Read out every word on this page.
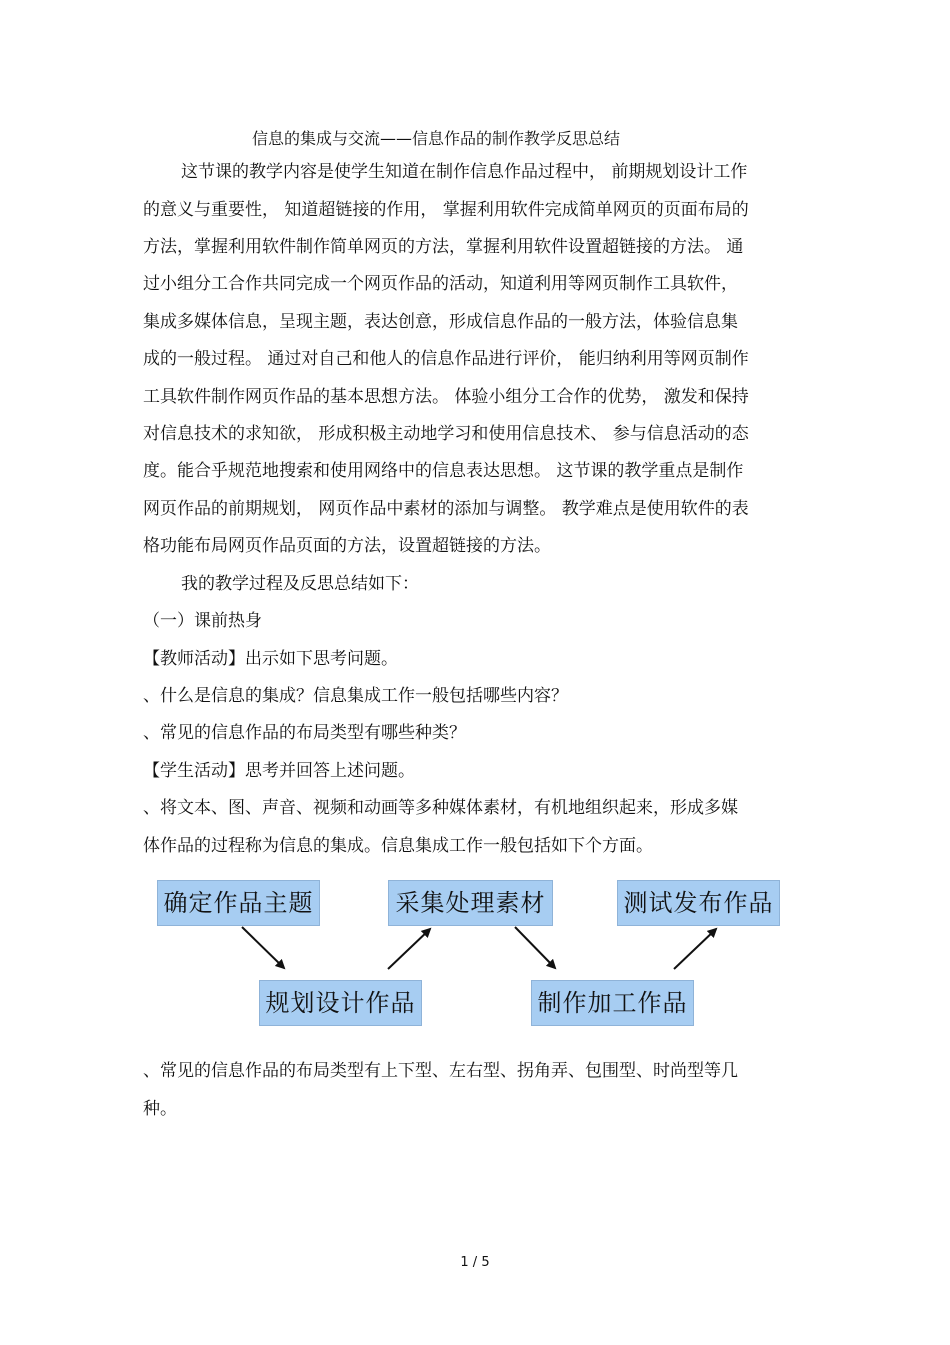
信息的集成与交流——信息作品的制作教学反思总结
这节课的教学内容是使学生知道在制作信息作品过程中， 前期规划设计工作
的意义与重要性， 知道超链接的作用， 掌握利用软件完成简单网页的页面布局的
方法，掌握利用软件制作简单网页的方法，掌握利用软件设置超链接的方法。 通
过小组分工合作共同完成一个网页作品的活动，知道利用等网页制作工具软件，
集成多媒体信息，呈现主题，表达创意，形成信息作品的一般方法，体验信息集
成的一般过程。 通过对自己和他人的信息作品进行评价， 能归纳利用等网页制作
工具软件制作网页作品的基本思想方法。 体验小组分工合作的优势， 激发和保持
对信息技术的求知欲， 形成积极主动地学习和使用信息技术、 参与信息活动的态
度。能合乎规范地搜索和使用网络中的信息表达思想。 这节课的教学重点是制作
网页作品的前期规划， 网页作品中素材的添加与调整。 教学难点是使用软件的表
格功能布局网页作品页面的方法，设置超链接的方法。
我的教学过程及反思总结如下：
（一）课前热身
【教师活动】出示如下思考问题。
、什么是信息的集成？信息集成工作一般包括哪些内容？
、常见的信息作品的布局类型有哪些种类？
【学生活动】思考并回答上述问题。
、将文本、图、声音、视频和动画等多种媒体素材，有机地组织起来，形成多媒
体作品的过程称为信息的集成。信息集成工作一般包括如下个方面。
确定作品主题	采集处理素材	测试发布作品
规划设计作品	制作加工作品
、常见的信息作品的布局类型有上下型、左右型、拐角弄、包围型、时尚型等几
种。
1 / 5
